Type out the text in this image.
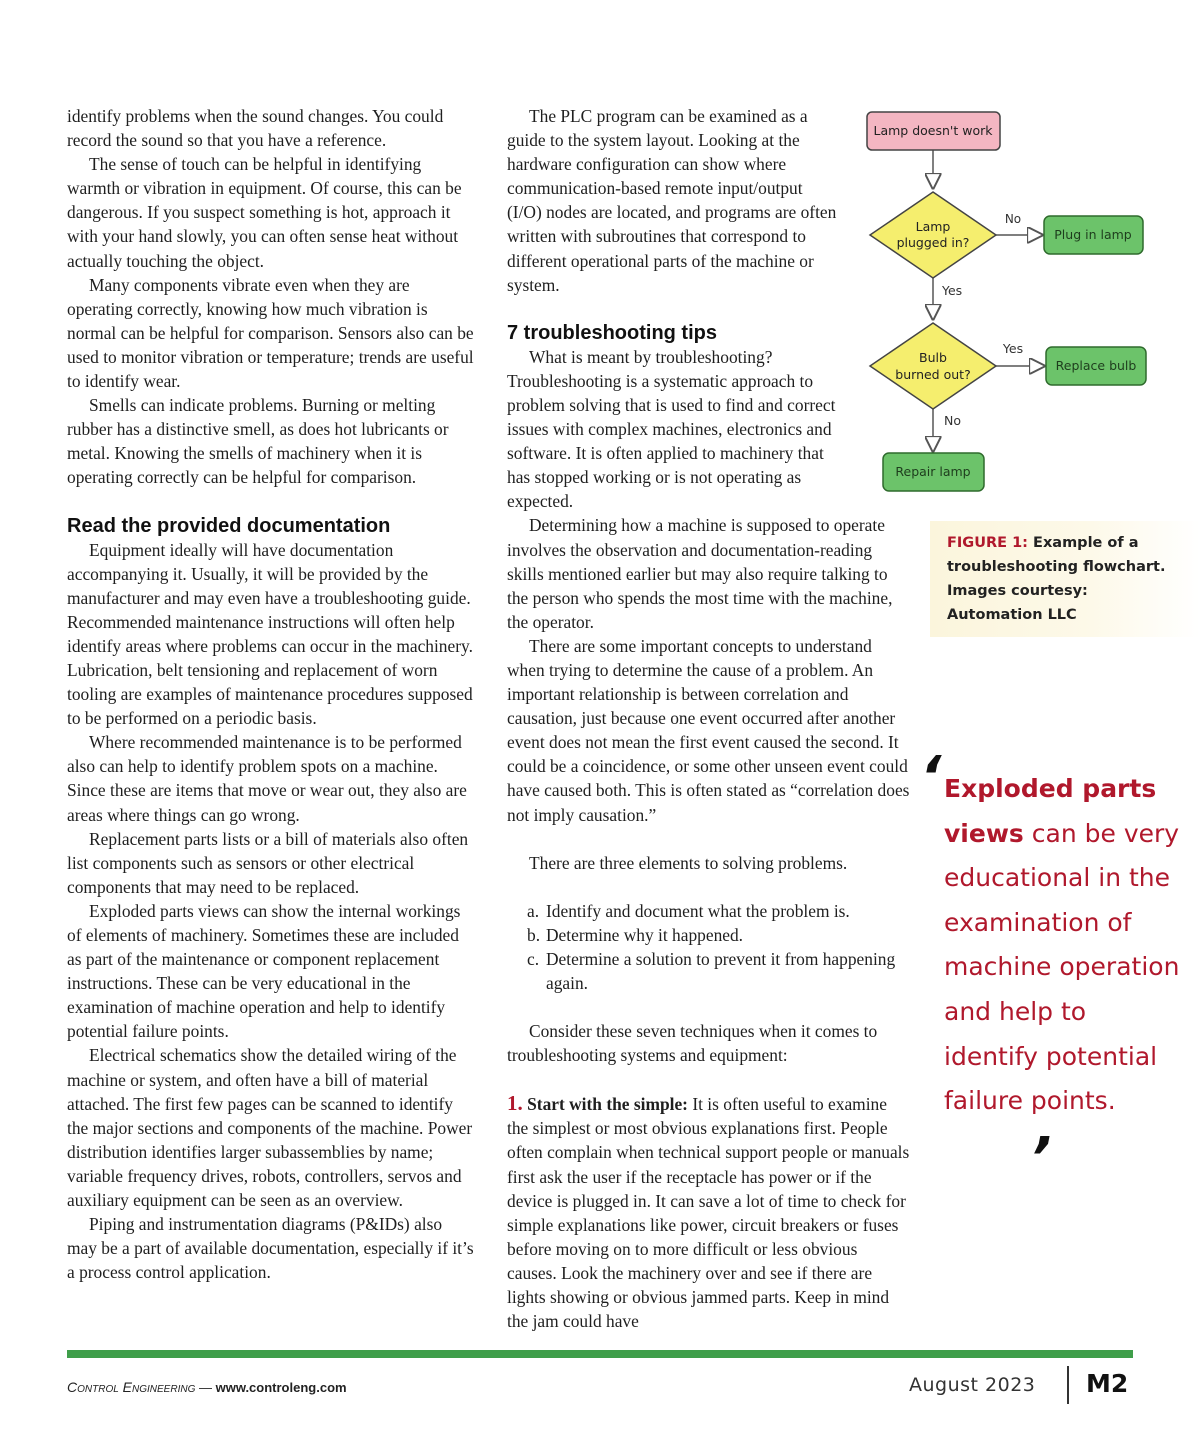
identify problems when the sound changes. You could record the sound so that you have a reference.

The sense of touch can be helpful in identifying warmth or vibration in equipment. Of course, this can be dangerous. If you suspect something is hot, approach it with your hand slowly, you can often sense heat without actually touching the object.

Many components vibrate even when they are operating correctly, knowing how much vibration is normal can be helpful for comparison. Sensors also can be used to monitor vibration or temperature; trends are useful to identify wear.

Smells can indicate problems. Burning or melting rubber has a distinctive smell, as does hot lubricants or metal. Knowing the smells of machinery when it is operating correctly can be helpful for comparison.

Read the provided documentation

Equipment ideally will have documentation accompanying it. Usually, it will be provided by the manufacturer and may even have a troubleshooting guide. Recommended maintenance instructions will often help identify areas where problems can occur in the machinery. Lubrication, belt tensioning and replacement of worn tooling are examples of maintenance procedures supposed to be performed on a periodic basis.

Where recommended maintenance is to be performed also can help to identify problem spots on a machine. Since these are items that move or wear out, they also are areas where things can go wrong.

Replacement parts lists or a bill of materials also often list components such as sensors or other electrical components that may need to be replaced.

Exploded parts views can show the internal workings of elements of machinery. Sometimes these are included as part of the maintenance or component replacement instructions. These can be very educational in the examination of machine operation and help to identify potential failure points.

Electrical schematics show the detailed wiring of the machine or system, and often have a bill of material attached. The first few pages can be scanned to identify the major sections and components of the machine. Power distribution identifies larger subassemblies by name; variable frequency drives, robots, controllers, servos and auxiliary equipment can be seen as an overview.

Piping and instrumentation diagrams (P&IDs) also may be a part of available documentation, especially if it’s a process control application.

The PLC program can be examined as a guide to the system layout. Looking at the hardware configuration can show where communication-based remote input/output (I/O) nodes are located, and programs are often written with subroutines that correspond to different operational parts of the machine or system.

7 troubleshooting tips

What is meant by troubleshooting? Troubleshooting is a systematic approach to problem solving that is used to find and correct issues with complex machines, electronics and software. It is often applied to machinery that has stopped working or is not operating as expected.

Determining how a machine is supposed to operate involves the observation and documentation-reading skills mentioned earlier but may also require talking to the person who spends the most time with the machine, the operator.

There are some important concepts to understand when trying to determine the cause of a problem. An important relationship is between correlation and causation, just because one event occurred after another event does not mean the first event caused the second. It could be a coincidence, or some other unseen event could have caused both. This is often stated as “correlation does not imply causation.”

There are three elements to solving problems.

a. Identify and document what the problem is.
b. Determine why it happened.
c. Determine a solution to prevent it from happening again.

Consider these seven techniques when it comes to troubleshooting systems and equipment:

1. Start with the simple: It is often useful to examine the simplest or most obvious explanations first. People often complain when technical support people or manuals first ask the user if the receptacle has power or if the device is plugged in. It can save a lot of time to check for simple explanations like power, circuit breakers or fuses before moving on to more difficult or less obvious causes. Look the machinery over and see if there are lights showing or obvious jammed parts. Keep in mind the jam could have

Lamp doesn't work
Lamp
plugged in?
No
Plug in lamp
Yes
Bulb
burned out?
Yes
Replace bulb
No
Repair lamp
FIGURE 1: Example of a troubleshooting flowchart. Images courtesy: Automation LLC
‘ Exploded parts views can be very educational in the examination of machine operation and help to identify potential failure points.
’
Control Engineering — www.controleng.com	August 2023 M2
